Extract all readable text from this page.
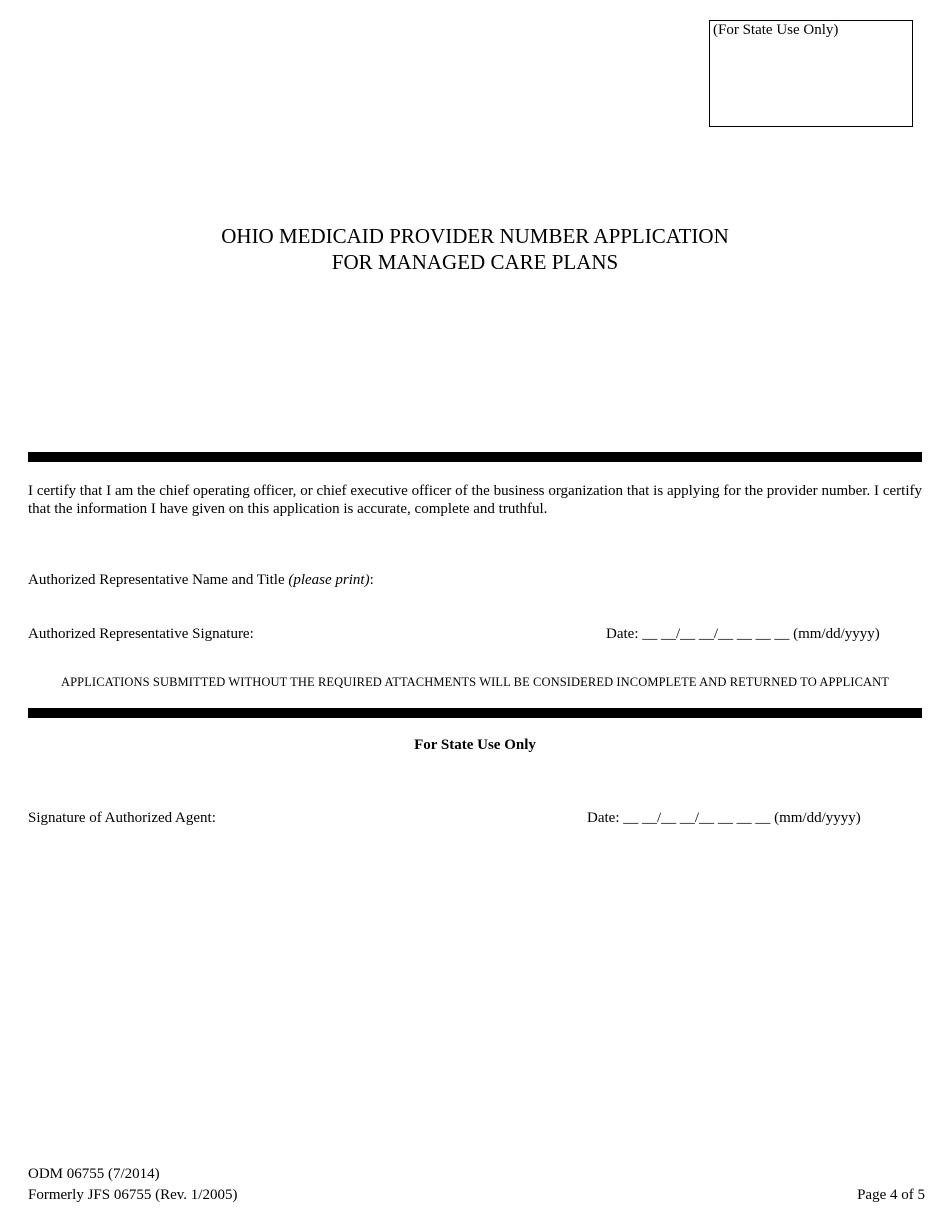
(For State Use Only)
OHIO MEDICAID PROVIDER NUMBER APPLICATION
FOR MANAGED CARE PLANS
I certify that I am the chief operating officer, or chief executive officer of the business organization that is applying for the provider number. I certify that the information I have given on this application is accurate, complete and truthful.
Authorized Representative Name and Title (please print):
Authorized Representative Signature:	Date: __ __/__ __/__ __ __ __ (mm/dd/yyyy)
APPLICATIONS SUBMITTED WITHOUT THE REQUIRED ATTACHMENTS WILL BE CONSIDERED INCOMPLETE AND RETURNED TO APPLICANT
For State Use Only
Signature of Authorized Agent:	Date: __ __/__ __/__ __ __ __ (mm/dd/yyyy)
ODM 06755 (7/2014)
Formerly JFS 06755 (Rev. 1/2005)	Page 4 of 5
